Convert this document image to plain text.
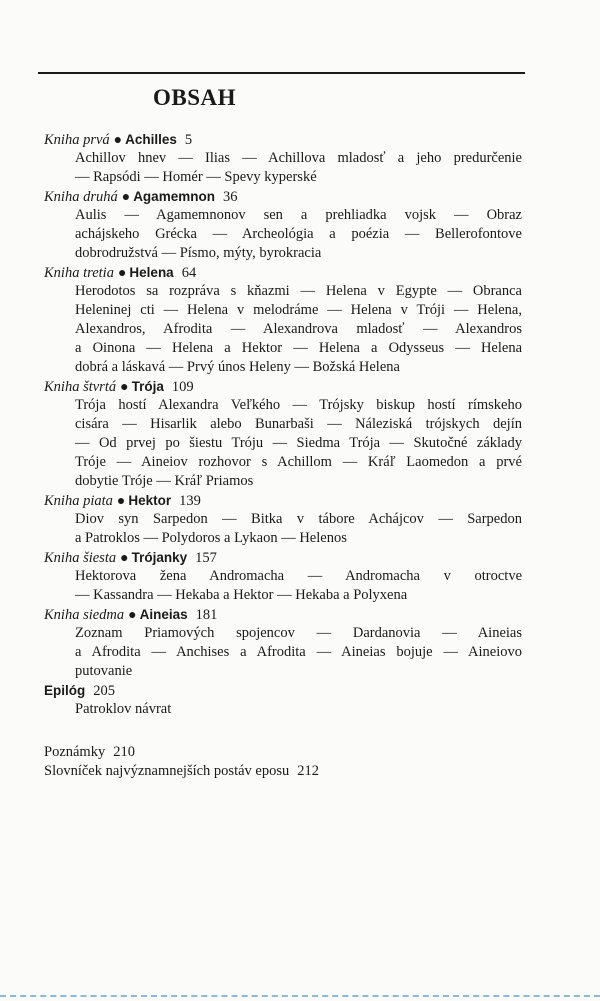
OBSAH
Kniha prvá ● Achilles 5
Achillov hnev — Ilias — Achillova mladosť a jeho predurčenie
— Rapsódi — Homér — Spevy kyperské
Kniha druhá ● Agamemnon 36
Aulis — Agamemnonov sen a prehliadka vojsk — Obraz
achájskeho Grécka — Archeológia a poézia — Bellerofontove
dobrodružstvá — Písmo, mýty, byrokracia
Kniha tretia ● Helena 64
Herodotos sa rozpráva s kňazmi — Helena v Egypte — Obranca
Heleninej cti — Helena v melodráme — Helena v Tróji — Helena,
Alexandros, Afrodita — Alexandrova mladosť — Alexandros
a Oinona — Helena a Hektor — Helena a Odysseus — Helena
dobrá a láskavá — Prvý únos Heleny — Božská Helena
Kniha štvrtá ● Trója 109
Trója hostí Alexandra Veľkého — Trójsky biskup hostí rímskeho
cisára — Hisarlik alebo Bunarbaši — Náleziská trójskych dejín
— Od prvej po šiestu Tróju — Siedma Trója — Skutočné základy
Tróje — Aineiov rozhovor s Achillom — Kráľ Laomedon a prvé
dobytie Tróje — Kráľ Priamos
Kniha piata ● Hektor 139
Diov syn Sarpedon — Bitka v tábore Achájcov — Sarpedon
a Patroklos — Polydoros a Lykaon — Helenos
Kniha šiesta ● Trójanky 157
Hektorova žena Andromacha — Andromacha v otroctve
— Kassandra — Hekaba a Hektor — Hekaba a Polyxena
Kniha siedma ● Aineias 181
Zoznam Priamových spojencov — Dardanovia — Aineias
a Afrodita — Anchises a Afrodita — Aineias bojuje — Aineiovo
putovanie
Epilóg 205
Patroklov návrat
Poznámky 210
Slovníček najvýznamnejších postáv eposu 212
